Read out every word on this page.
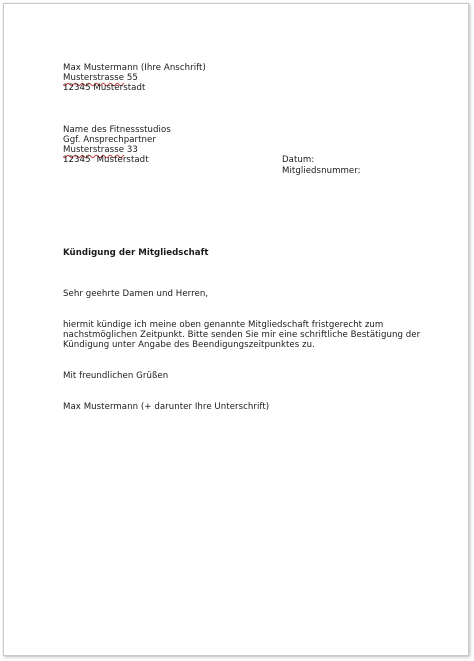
Max Mustermann (Ihre Anschrift)
Musterstrasse 55
12345 Musterstadt
Name des Fitnessstudios
Ggf. Ansprechpartner
Musterstrasse 33
12345 Musterstadt	Datum:
Mitgliedsnummer:
Kündigung der Mitgliedschaft
Sehr geehrte Damen und Herren,
hiermit kündige ich meine oben genannte Mitgliedschaft fristgerecht zum
nachstmöglichen Zeitpunkt. Bitte senden Sie mir eine schriftliche Bestätigung der
Kündigung unter Angabe des Beendigungszeitpunktes zu.
Mit freundlichen Grüßen
Max Mustermann (+ darunter Ihre Unterschrift)
